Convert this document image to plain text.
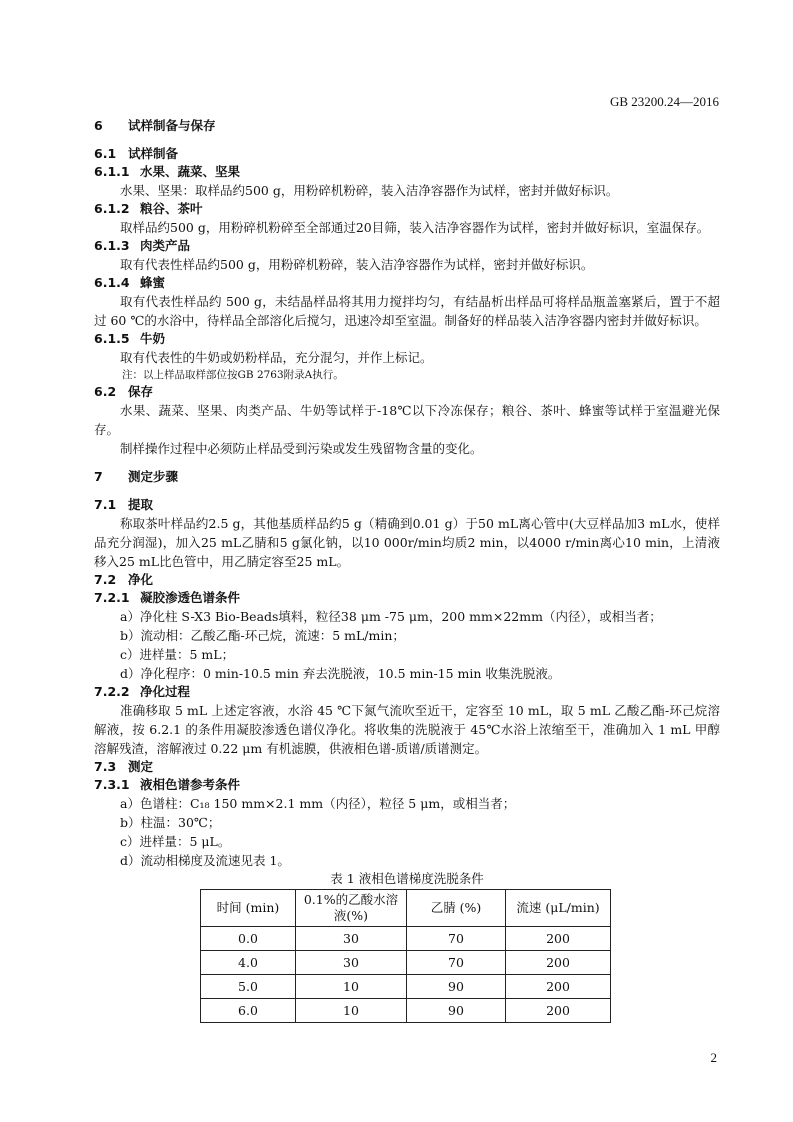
GB 23200.24—2016
6 试样制备与保存
6.1 试样制备
6.1.1 水果、蔬菜、坚果

水果、坚果：取样品约500 g，用粉碎机粉碎，装入洁净容器作为试样，密封并做好标识。

6.1.2 粮谷、茶叶

取样品约500 g，用粉碎机粉碎至全部通过20目筛，装入洁净容器作为试样，密封并做好标识，室温保存。

6.1.3 肉类产品

取有代表性样品约500 g，用粉碎机粉碎，装入洁净容器作为试样，密封并做好标识。

6.1.4 蜂蜜

取有代表性样品约 500 g，未结晶样品将其用力搅拌均匀，有结晶析出样品可将样品瓶盖塞紧后，置于不超过 60 ℃的水浴中，待样品全部溶化后搅匀，迅速冷却至室温。制备好的样品装入洁净容器内密封并做好标识。

6.1.5 牛奶

取有代表性的牛奶或奶粉样品，充分混匀，并作上标记。

注：以上样品取样部位按GB 2763附录A执行。

6.2 保存

水果、蔬菜、坚果、肉类产品、牛奶等试样于-18℃以下冷冻保存；粮谷、茶叶、蜂蜜等试样于室温避光保存。

制样操作过程中必须防止样品受到污染或发生残留物含量的变化。

7 测定步骤
7.1 提取

称取茶叶样品约2.5 g，其他基质样品约5 g（精确到0.01 g）于50 mL离心管中(大豆样品加3 mL水，使样品充分润湿)，加入25 mL乙腈和5 g氯化钠，以10 000r/min均质2 min，以4000 r/min离心10 min，上清液移入25 mL比色管中，用乙腈定容至25 mL。

7.2 净化
7.2.1 凝胶渗透色谱条件

a）净化柱 S-X3 Bio-Beads填料，粒径38 μm -75 μm，200 mm×22mm（内径），或相当者；

b）流动相：乙酸乙酯-环己烷，流速：5 mL/min；

c）进样量：5 mL；

d）净化程序：0 min-10.5 min 弃去洗脱液，10.5 min-15 min 收集洗脱液。

7.2.2 净化过程

准确移取 5 mL 上述定容液，水浴 45 ℃下氮气流吹至近干，定容至 10 mL，取 5 mL 乙酸乙酯-环己烷溶解液，按 6.2.1 的条件用凝胶渗透色谱仪净化。将收集的洗脱液于 45℃水浴上浓缩至干，准确加入 1 mL 甲醇溶解残渣，溶解液过 0.22 μm 有机滤膜，供液相色谱-质谱/质谱测定。

7.3 测定
7.3.1 液相色谱参考条件

a）色谱柱：C₁₈ 150 mm×2.1 mm（内径），粒径 5 μm，或相当者；

b）柱温：30℃；

c）进样量：5 μL。

d）流动相梯度及流速见表 1。

表 1 液相色谱梯度洗脱条件

时间 (min)	0.1%的乙酸水溶液(%)	乙腈 (%)	流速 (μL/min)
0.0	30	70	200
4.0	30	70	200
5.0	10	90	200
6.0	10	90	200
2
